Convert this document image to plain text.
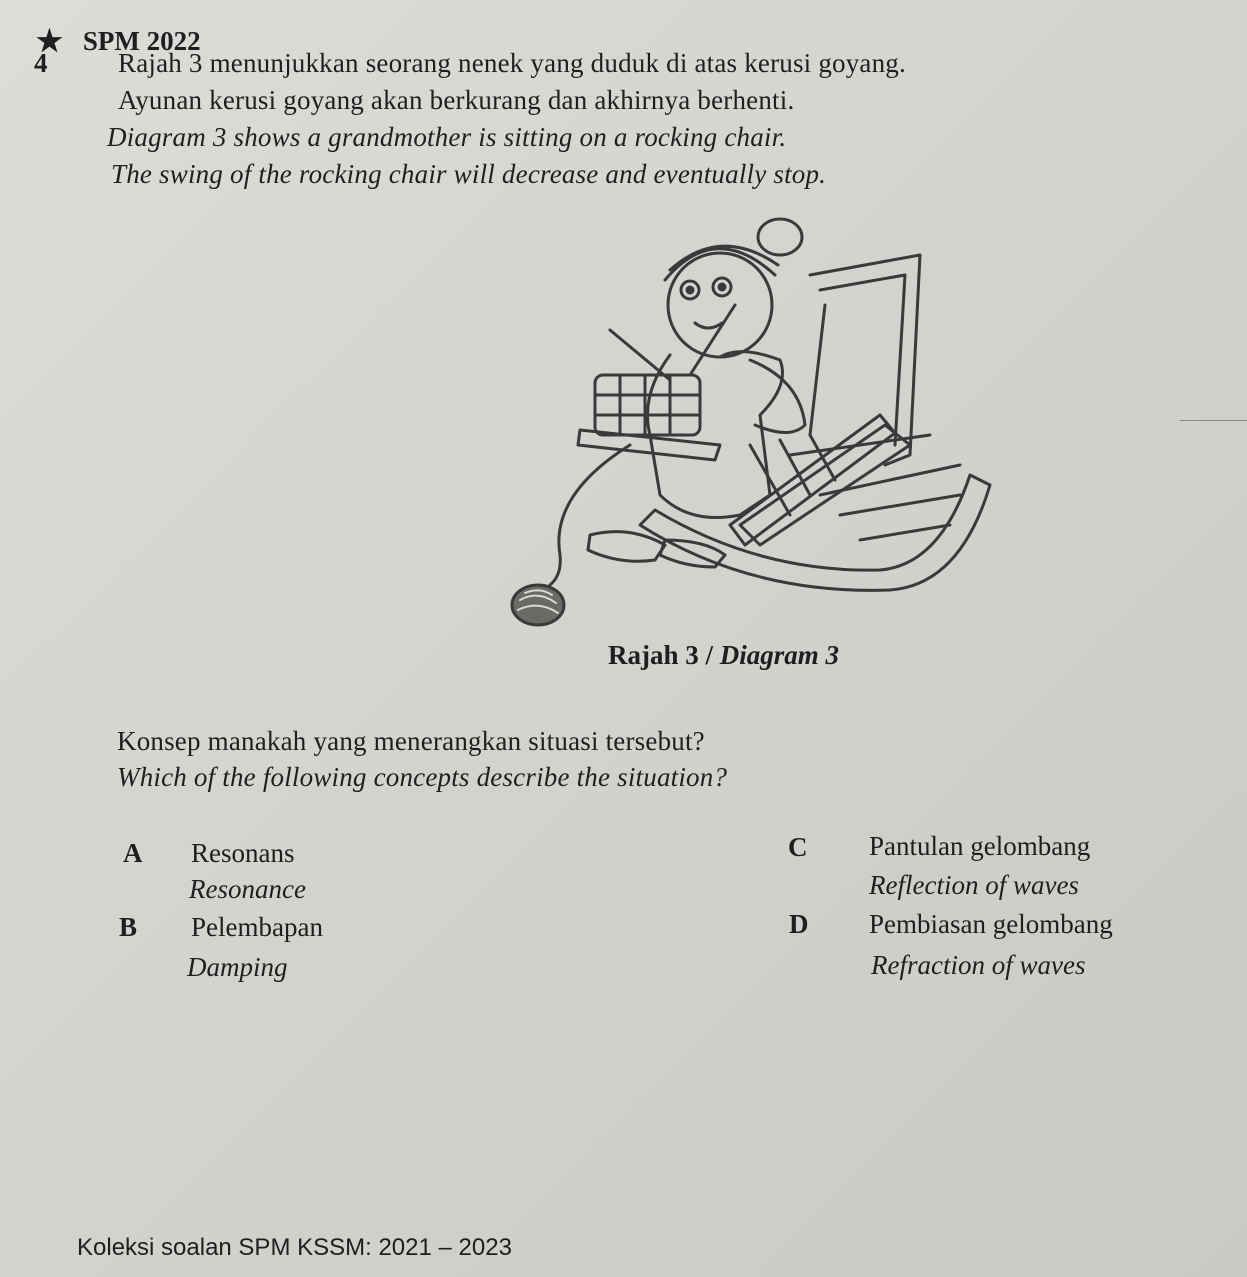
★ SPM 2022
4	Rajah 3 menunjukkan seorang nenek yang duduk di atas kerusi goyang.
Ayunan kerusi goyang akan berkurang dan akhirnya berhenti.
Diagram 3 shows a grandmother is sitting on a rocking chair.
The swing of the rocking chair will decrease and eventually stop.
Rajah 3 / Diagram 3
Konsep manakah yang menerangkan situasi tersebut?
Which of the following concepts describe the situation?
A Resonans
Resonance
B Pelembapan
Damping
C Pantulan gelombang
Reflection of waves
D Pembiasan gelombang
Refraction of waves
Koleksi soalan SPM KSSM: 2021 – 2023
